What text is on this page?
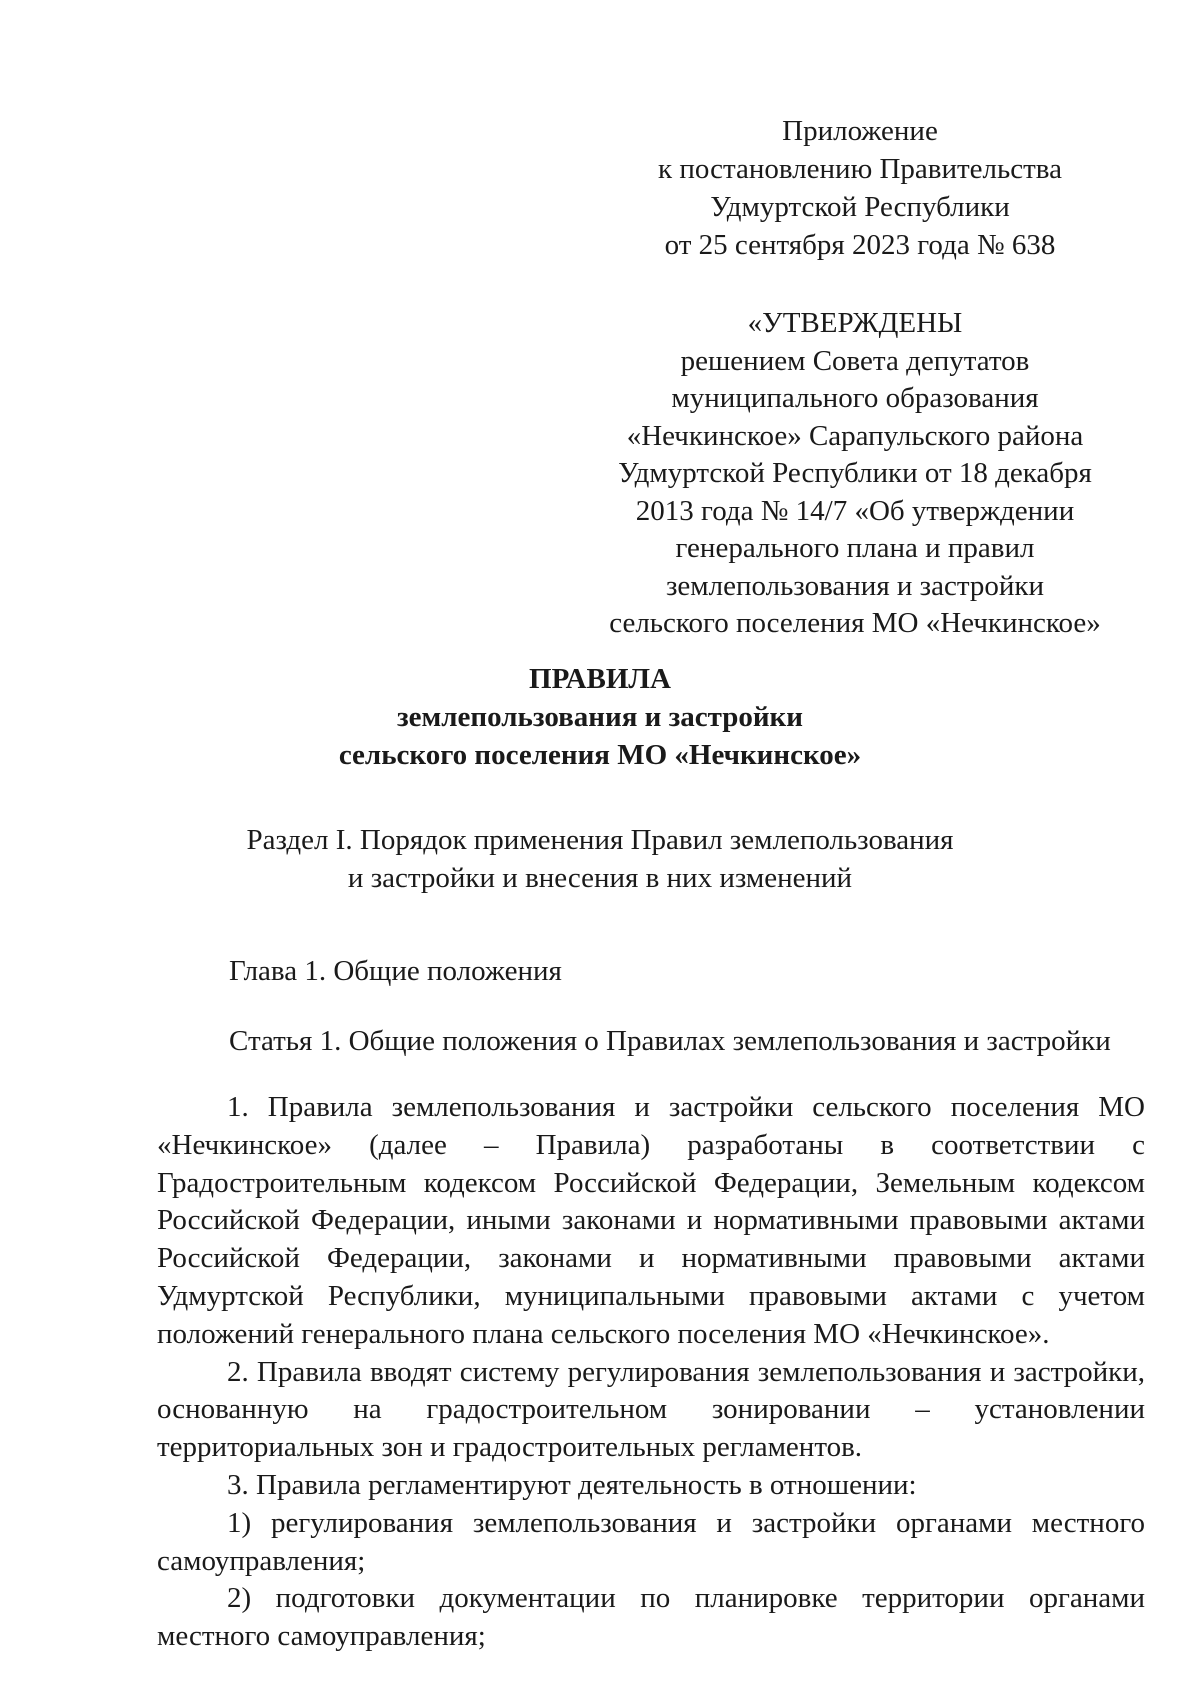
Приложение
к постановлению Правительства
Удмуртской Республики
от 25 сентября 2023 года № 638
«УТВЕРЖДЕНЫ
решением Совета депутатов
муниципального образования
«Нечкинское» Сарапульского района
Удмуртской Республики от 18 декабря
2013 года № 14/7 «Об утверждении
генерального плана и правил
землепользования и застройки
сельского поселения МО «Нечкинское»
ПРАВИЛА
землепользования и застройки
сельского поселения МО «Нечкинское»
Раздел I. Порядок применения Правил землепользования
и застройки и внесения в них изменений
Глава 1. Общие положения
Статья 1. Общие положения о Правилах землепользования и застройки

1. Правила землепользования и застройки сельского поселения МО «Нечкинское» (далее – Правила) разработаны в соответствии с Градостроительным кодексом Российской Федерации, Земельным кодексом Российской Федерации, иными законами и нормативными правовыми актами Российской Федерации, законами и нормативными правовыми актами Удмуртской Республики, муниципальными правовыми актами с учетом положений генерального плана сельского поселения МО «Нечкинское».

2. Правила вводят систему регулирования землепользования и застройки, основанную на градостроительном зонировании – установлении территориальных зон и градостроительных регламентов.

3. Правила регламентируют деятельность в отношении:

1) регулирования землепользования и застройки органами местного самоуправления;

2) подготовки документации по планировке территории органами местного самоуправления;
